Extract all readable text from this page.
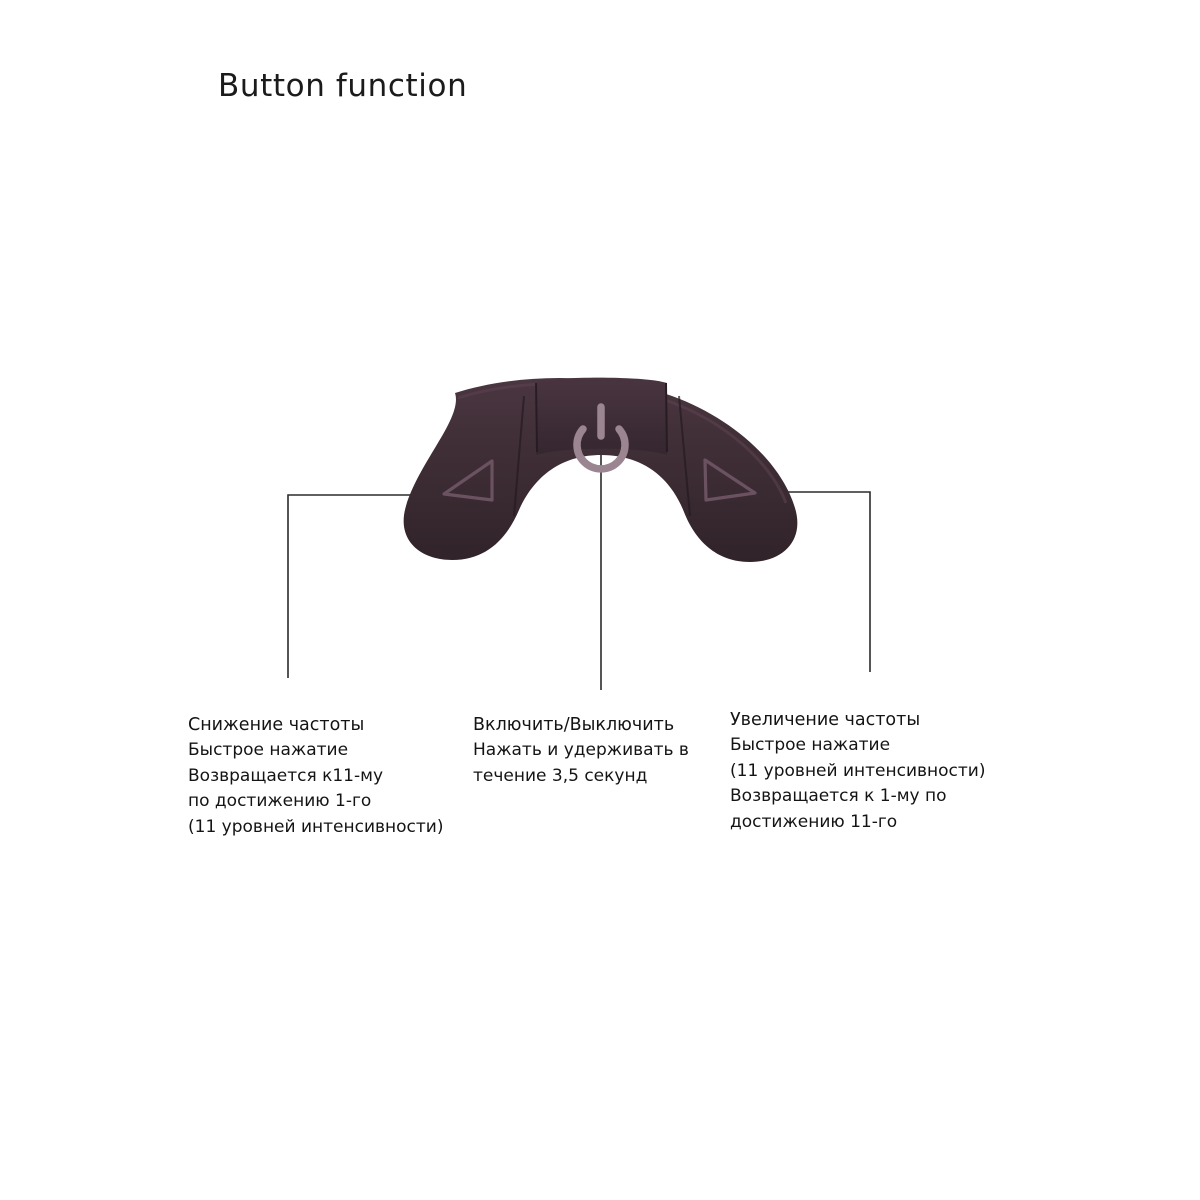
Button function
Снижение частоты
Быстрое нажатие
Возвращается к11-му
по достижению 1-го
(11 уровней интенсивности)
Включить/Выключить
Нажать и удерживать в
течение 3,5 секунд
Увеличение частоты
Быстрое нажатие
(11 уровней интенсивности)
Возвращается к 1-му по
достижению 11-го
